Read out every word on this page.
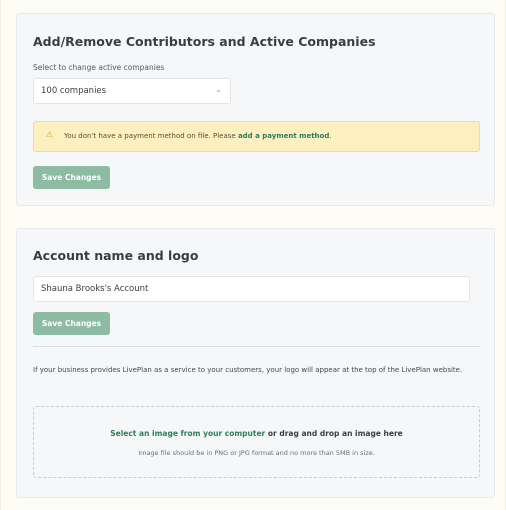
Add/Remove Contributors and Active Companies
Select to change active companies
100 companies	⌄
⚠ You don't have a payment method on file. Please add a payment method.
Save Changes
Account name and logo
Shauna Brooks's Account
Save Changes
If your business provides LivePlan as a service to your customers, your logo will appear at the top of the LivePlan website.
Select an image from your computer or drag and drop an image here
Image file should be in PNG or JPG format and no more than 5MB in size.
